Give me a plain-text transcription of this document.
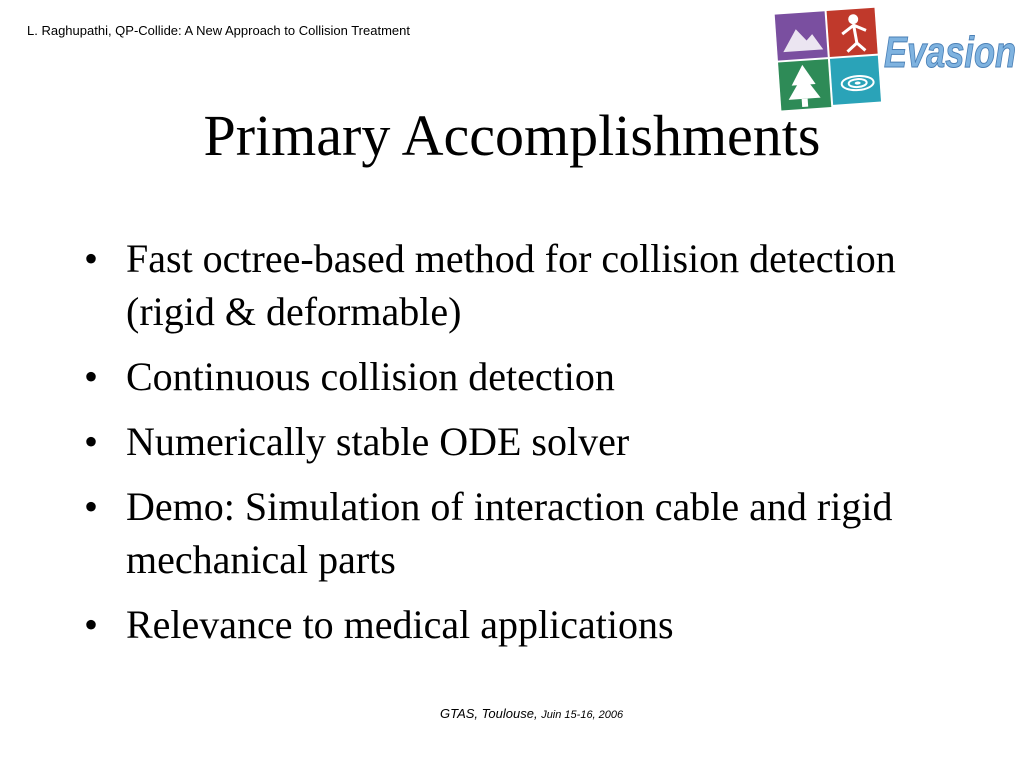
L. Raghupathi, QP-Collide: A New Approach to Collision Treatment	Evasion
Primary Accomplishments
• Fast octree-based method for collision detection (rigid & deformable)
• Continuous collision detection
• Numerically stable ODE solver
• Demo: Simulation of interaction cable and rigid mechanical parts
• Relevance to medical applications
GTAS, Toulouse, Juin 15-16, 2006
